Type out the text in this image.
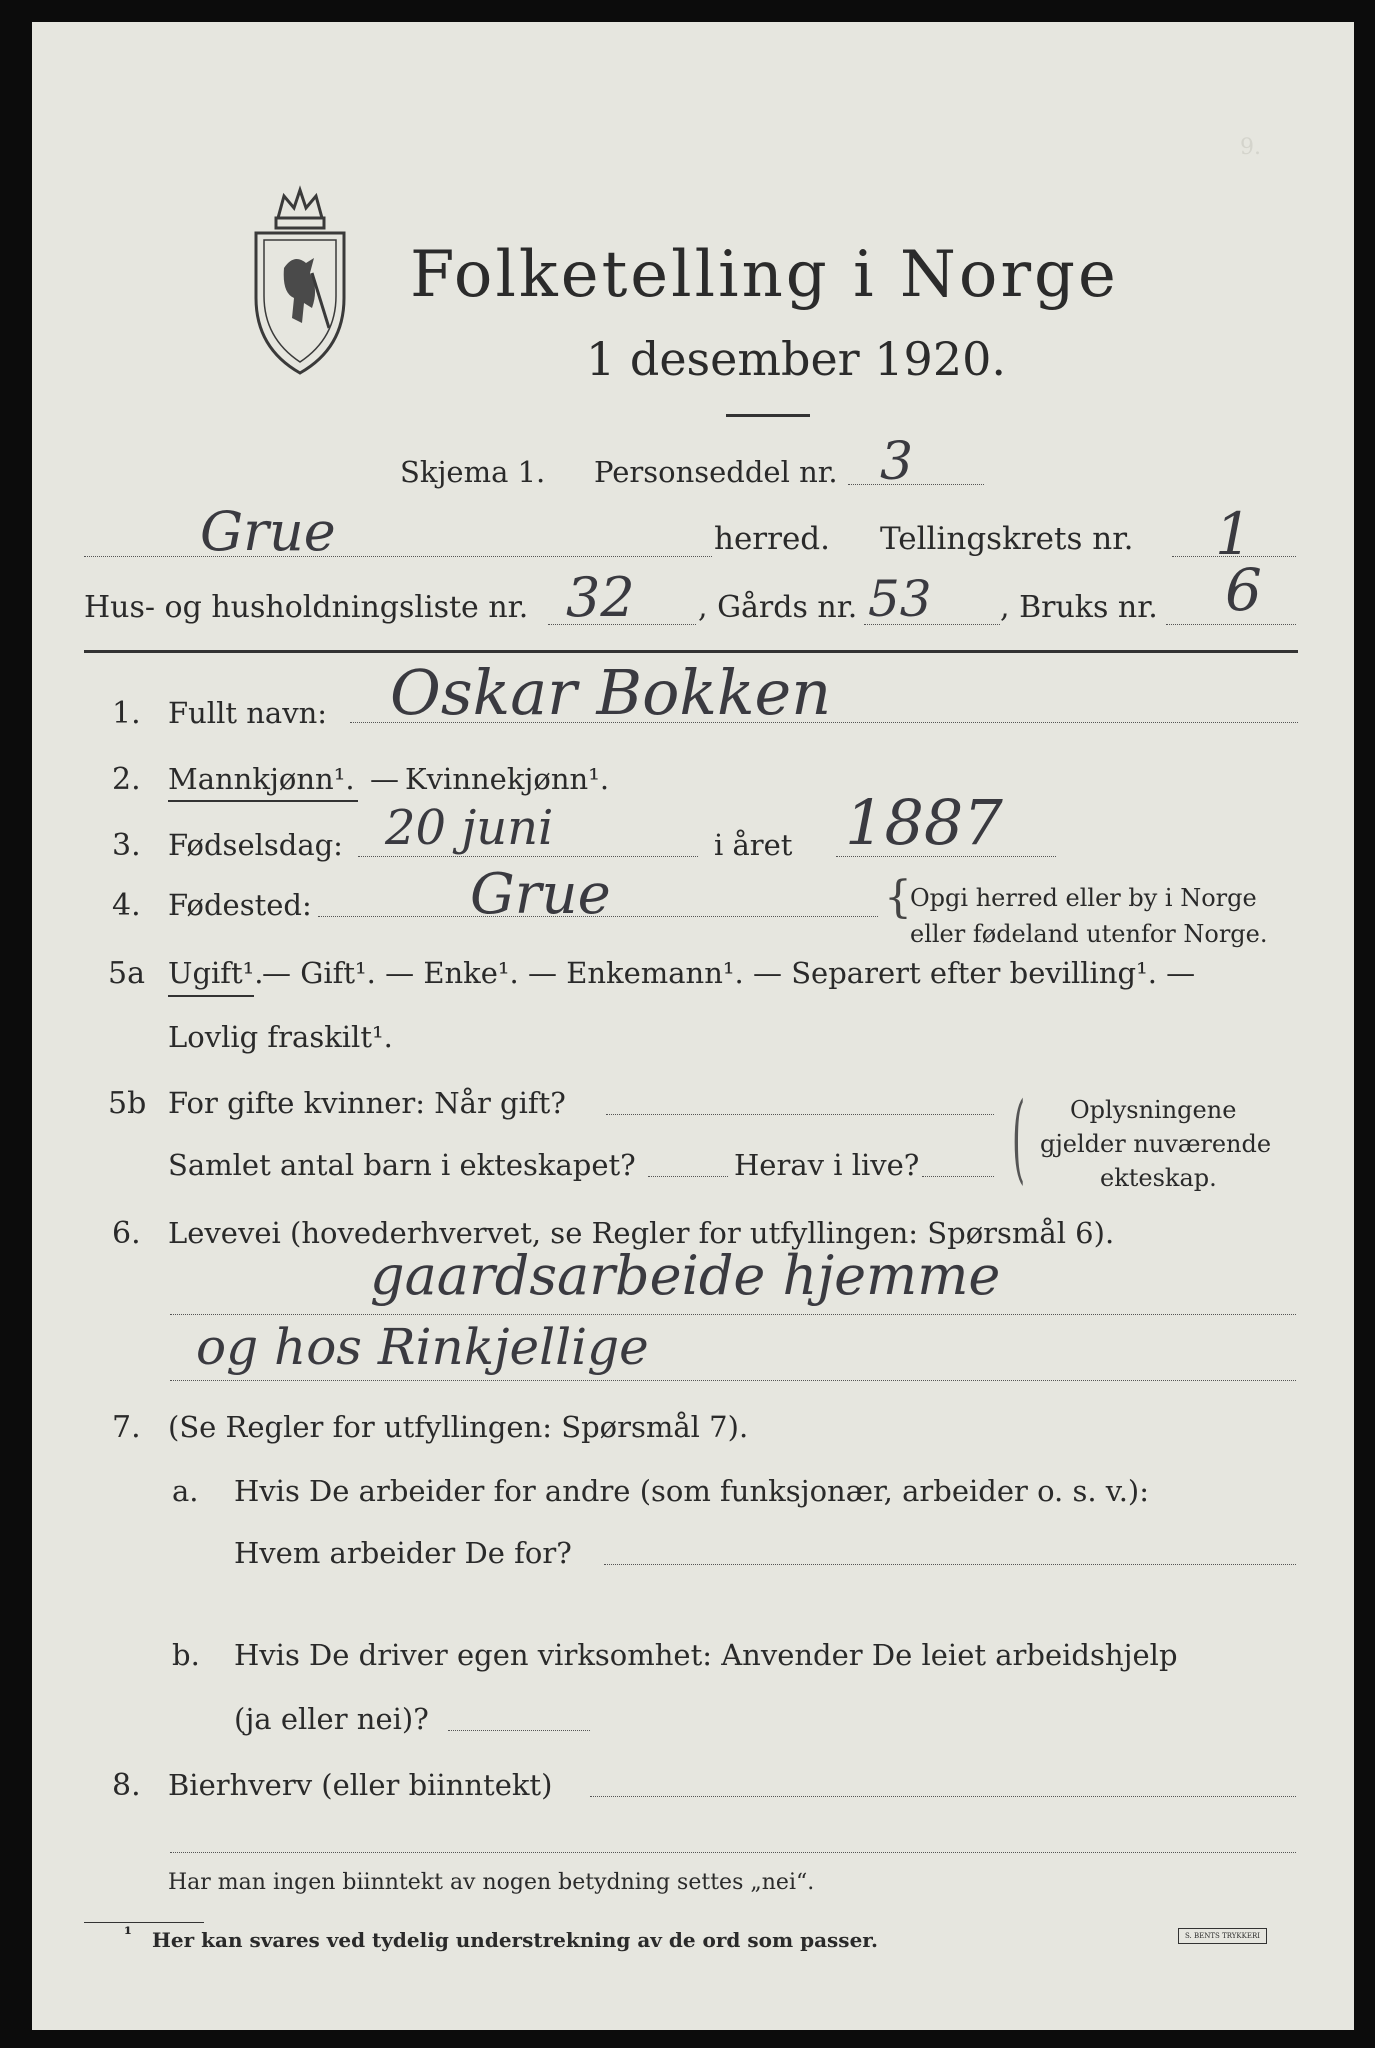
9.
Folketelling i Norge
1 desember 1920.
Skjema 1. Personseddel nr. 3
Grue	herred. Tellingskrets nr. 1
Hus- og husholdningsliste nr. 32 , Gårds nr. 53 , Bruks nr. 6
1. Fullt navn: Oskar Bokken
2. Mannkjønn¹. — Kvinnekjønn¹.
3. Fødselsdag: 20 juni	i året 1887
4. Fødested:	Grue	{
Opgi herred eller by i Norge
eller fødeland utenfor Norge.
5a Ugift¹.
— Gift¹. — Enke¹. — Enkemann¹. — Separert efter bevilling¹. —
Lovlig fraskilt¹.
5b For gifte kvinner: Når gift?
Samlet antal barn i ekteskapet?	Herav i live? ( Oplysningene
gjelder nuværende
ekteskap.
6. Levevei (hovederhvervet, se Regler for utfyllingen: Spørsmål 6).
gaardsarbeide hjemme
og hos Rinkjellige
7. (Se Regler for utfyllingen: Spørsmål 7).
a. Hvis De arbeider for andre (som funksjonær, arbeider o. s. v.):
Hvem arbeider De for?
b. Hvis De driver egen virksomhet: Anvender De leiet arbeidshjelp
(ja eller nei)?
8. Bierhverv (eller biinntekt)
Har man ingen biinntekt av nogen betydning settes „nei“.
¹ Her kan svares ved tydelig understrekning av de ord som passer.	S. BENTS TRYKKERI
